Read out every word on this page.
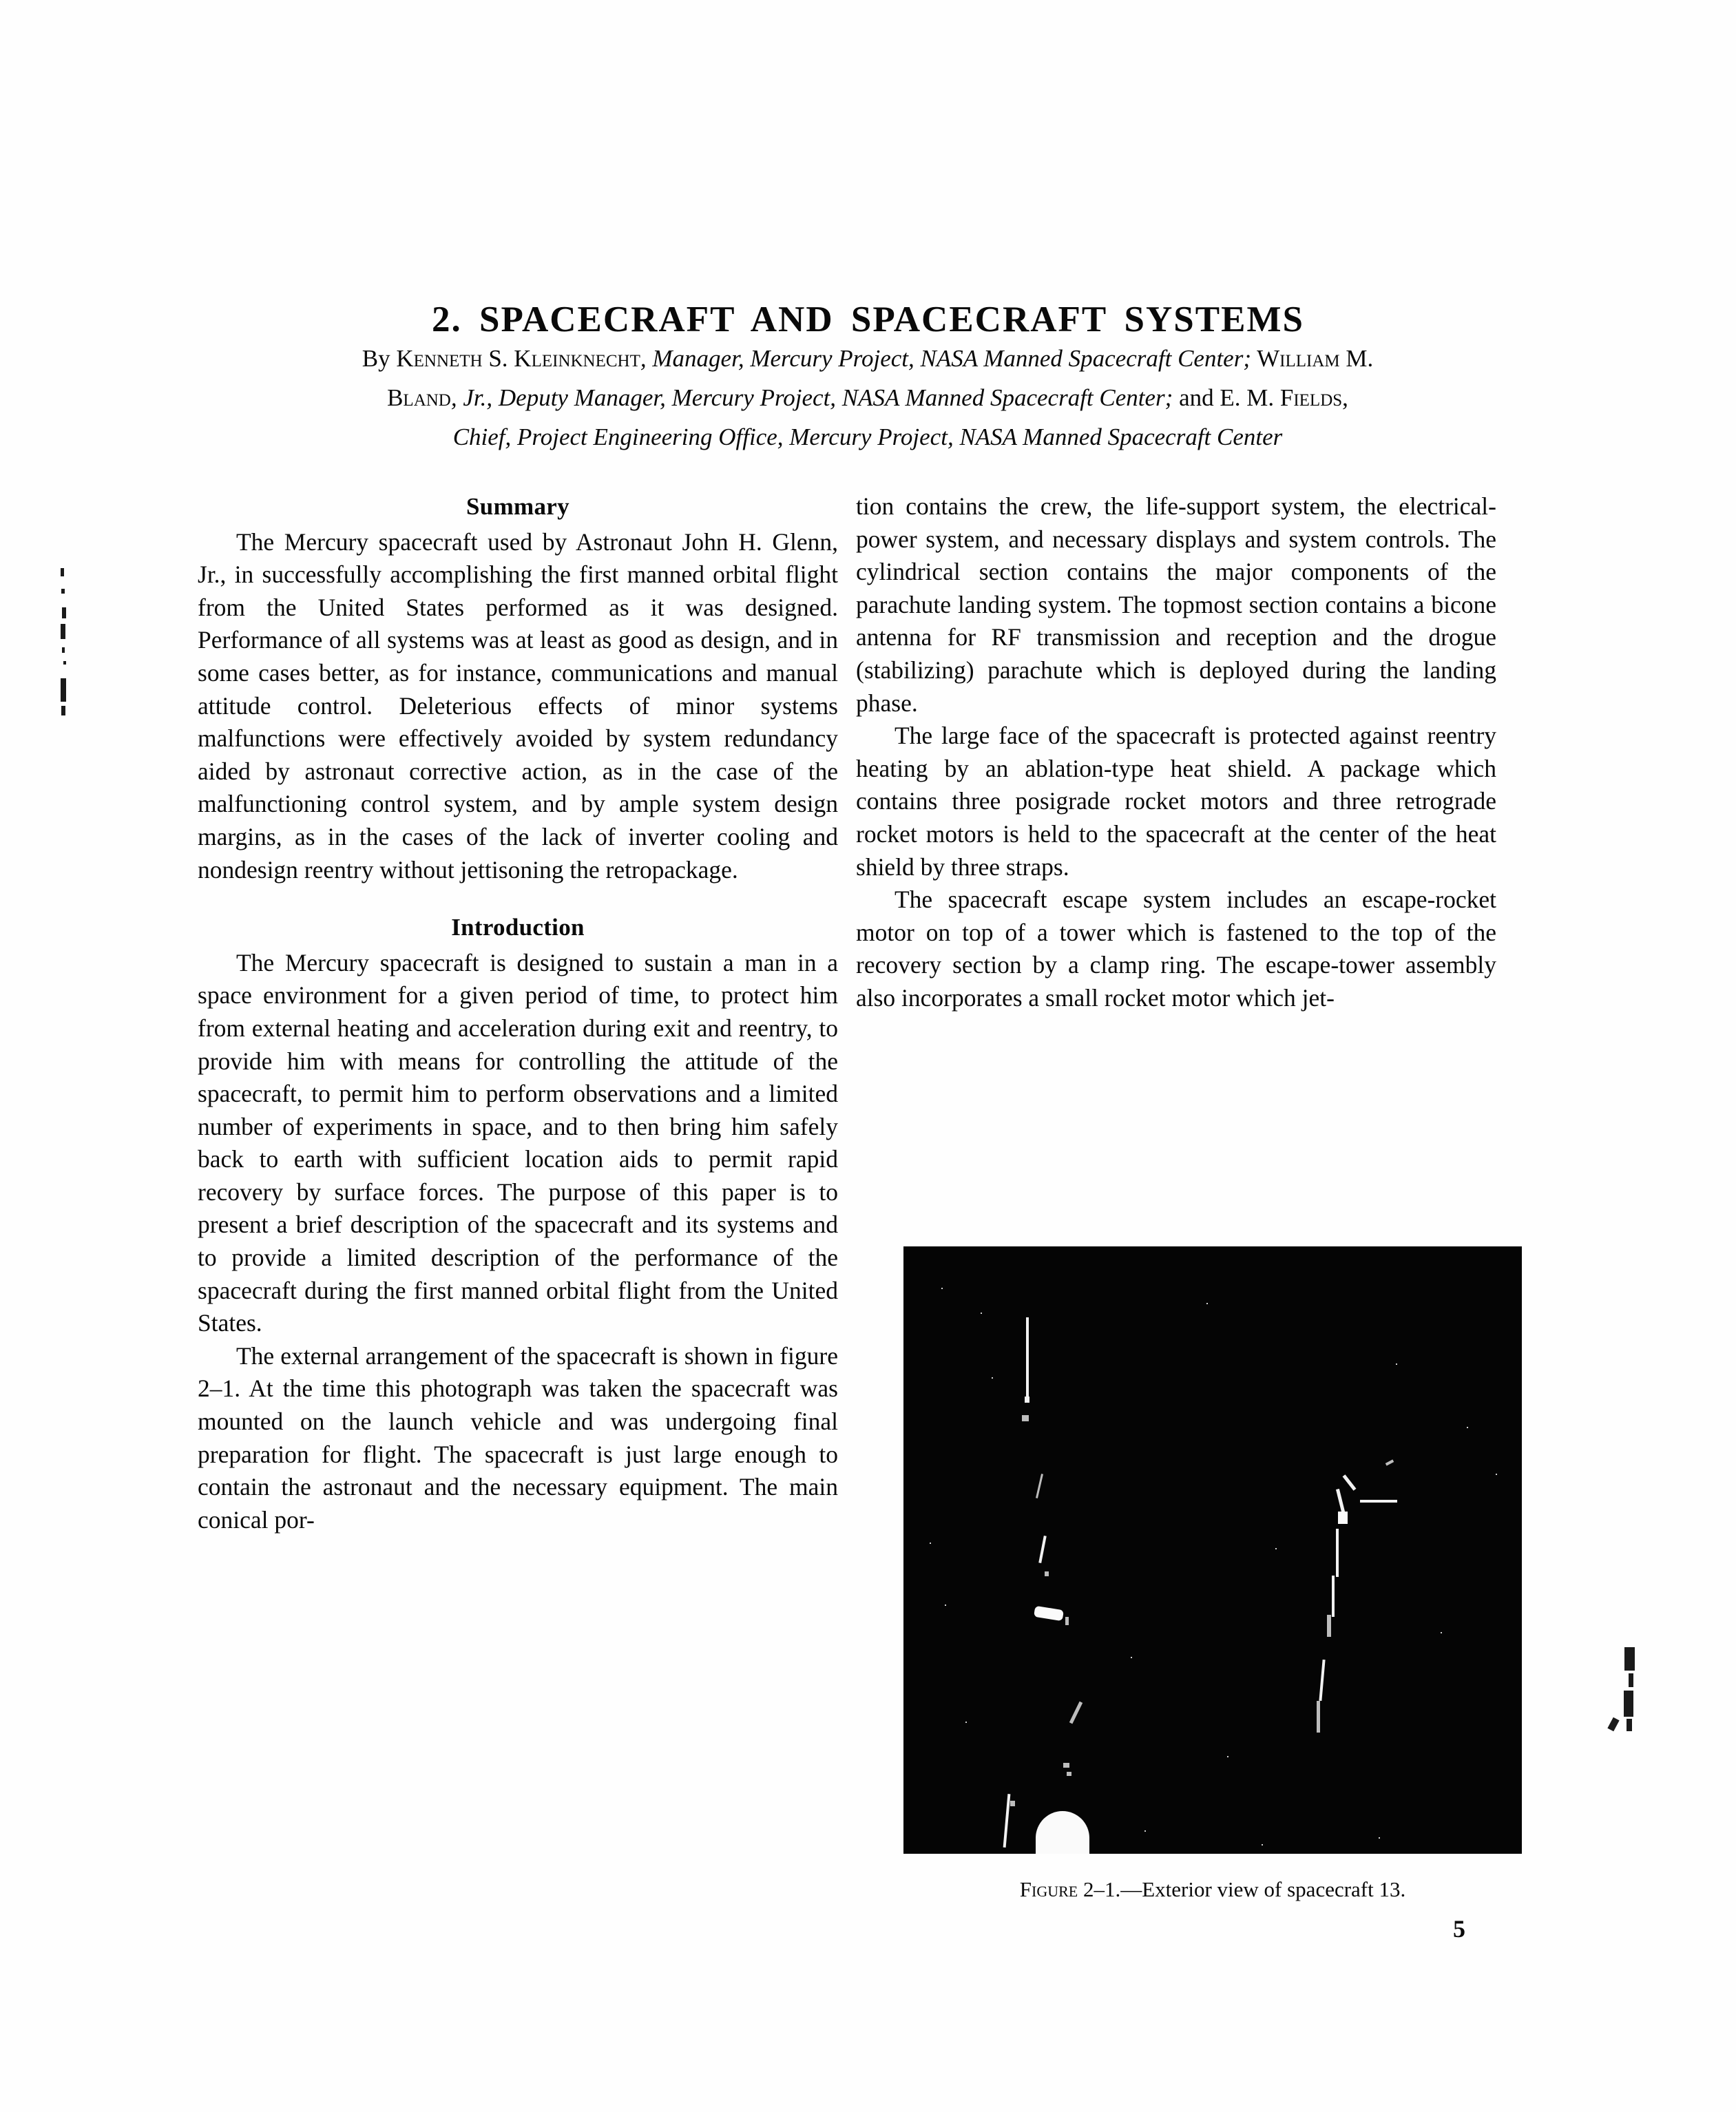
2. SPACECRAFT AND SPACECRAFT SYSTEMS
By Kenneth S. Kleinknecht, Manager, Mercury Project, NASA Manned Spacecraft Center; William M.
Bland, Jr., Deputy Manager, Mercury Project, NASA Manned Spacecraft Center; and E. M. Fields,
Chief, Project Engineering Office, Mercury Project, NASA Manned Spacecraft Center
Summary

The Mercury spacecraft used by Astronaut John H. Glenn, Jr., in successfully accomplishing the first manned orbital flight from the United States performed as it was designed. Performance of all systems was at least as good as design, and in some cases better, as for instance, communications and manual attitude control. Deleterious effects of minor systems malfunctions were effectively avoided by system redundancy aided by astronaut corrective action, as in the case of the malfunctioning control system, and by ample system design margins, as in the cases of the lack of inverter cooling and nondesign reentry without jettisoning the retropackage.

Introduction

The Mercury spacecraft is designed to sustain a man in a space environment for a given period of time, to protect him from external heating and acceleration during exit and reentry, to provide him with means for controlling the attitude of the spacecraft, to permit him to perform observations and a limited number of experiments in space, and to then bring him safely back to earth with sufficient location aids to permit rapid recovery by surface forces. The purpose of this paper is to present a brief description of the spacecraft and its systems and to provide a limited description of the performance of the spacecraft during the first manned orbital flight from the United States.

The external arrangement of the spacecraft is shown in figure 2–1. At the time this photograph was taken the spacecraft was mounted on the launch vehicle and was undergoing final preparation for flight. The spacecraft is just large enough to contain the astronaut and the necessary equipment. The main conical por-

tion contains the crew, the life-support system, the electrical-power system, and necessary displays and system controls. The cylindrical section contains the major components of the parachute landing system. The topmost section contains a bicone antenna for RF transmission and reception and the drogue (stabilizing) parachute which is deployed during the landing phase.

The large face of the spacecraft is protected against reentry heating by an ablation-type heat shield. A package which contains three posigrade rocket motors and three retrograde rocket motors is held to the spacecraft at the center of the heat shield by three straps.

The spacecraft escape system includes an escape-rocket motor on top of a tower which is fastened to the top of the recovery section by a clamp ring. The escape-tower assembly also incorporates a small rocket motor which jet-

Figure 2–1.—Exterior view of spacecraft 13.
5
